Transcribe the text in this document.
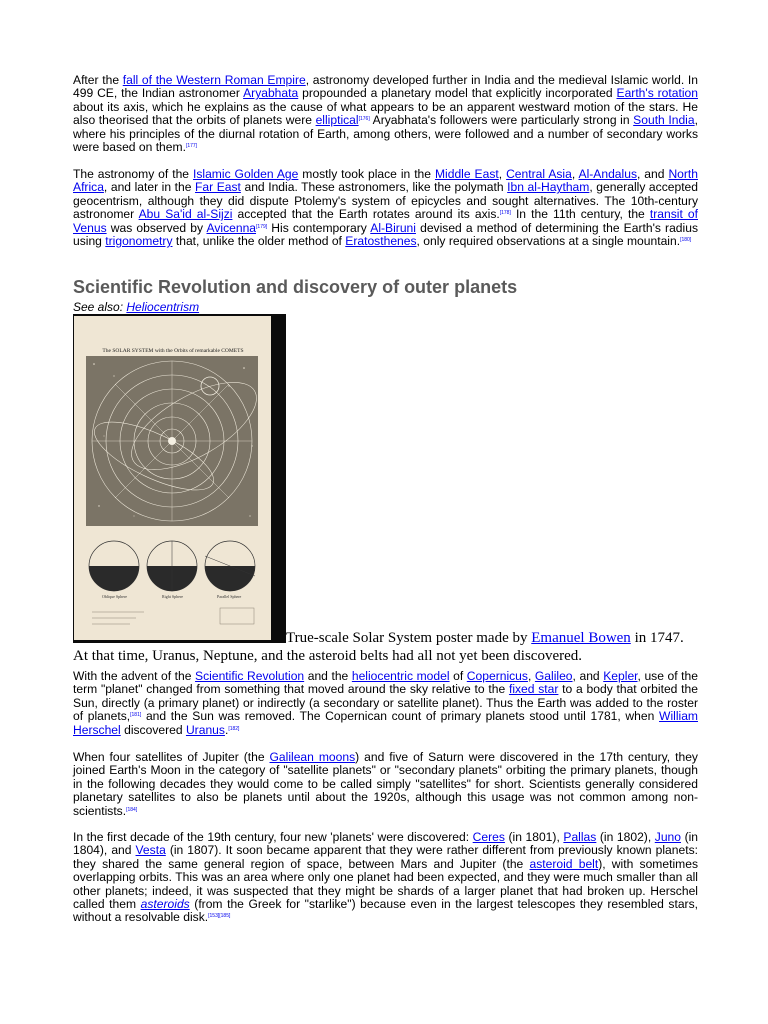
After the fall of the Western Roman Empire, astronomy developed further in India and the medieval Islamic world. In 499 CE, the Indian astronomer Aryabhata propounded a planetary model that explicitly incorporated Earth's rotation about its axis, which he explains as the cause of what appears to be an apparent westward motion of the stars. He also theorised that the orbits of planets were elliptical[176] Aryabhata's followers were particularly strong in South India, where his principles of the diurnal rotation of Earth, among others, were followed and a number of secondary works were based on them.[177]

The astronomy of the Islamic Golden Age mostly took place in the Middle East, Central Asia, Al-Andalus, and North Africa, and later in the Far East and India. These astronomers, like the polymath Ibn al-Haytham, generally accepted geocentrism, although they did dispute Ptolemy's system of epicycles and sought alternatives. The 10th-century astronomer Abu Sa'id al-Sijzi accepted that the Earth rotates around its axis.[178] In the 11th century, the transit of Venus was observed by Avicenna[179] His contemporary Al-Biruni devised a method of determining the Earth's radius using trigonometry that, unlike the older method of Eratosthenes, only required observations at a single mountain.[180]

Scientific Revolution and discovery of outer planets
See also: Heliocentrism
The SOLAR SYSTEM with the Orbits of remarkable COMETS
Oblique Sphere	Right Sphere	Parallel Sphere
True-scale Solar System poster made by Emanuel Bowen in 1747. At that time, Uranus, Neptune, and the asteroid belts had all not yet been discovered.

With the advent of the Scientific Revolution and the heliocentric model of Copernicus, Galileo, and Kepler, use of the term "planet" changed from something that moved around the sky relative to the fixed star to a body that orbited the Sun, directly (a primary planet) or indirectly (a secondary or satellite planet). Thus the Earth was added to the roster of planets,[181] and the Sun was removed. The Copernican count of primary planets stood until 1781, when William Herschel discovered Uranus.[182]

When four satellites of Jupiter (the Galilean moons) and five of Saturn were discovered in the 17th century, they joined Earth's Moon in the category of "satellite planets" or "secondary planets" orbiting the primary planets, though in the following decades they would come to be called simply "satellites" for short. Scientists generally considered planetary satellites to also be planets until about the 1920s, although this usage was not common among non-scientists.[184]

In the first decade of the 19th century, four new 'planets' were discovered: Ceres (in 1801), Pallas (in 1802), Juno (in 1804), and Vesta (in 1807). It soon became apparent that they were rather different from previously known planets: they shared the same general region of space, between Mars and Jupiter (the asteroid belt), with sometimes overlapping orbits. This was an area where only one planet had been expected, and they were much smaller than all other planets; indeed, it was suspected that they might be shards of a larger planet that had broken up. Herschel called them asteroids (from the Greek for "starlike") because even in the largest telescopes they resembled stars, without a resolvable disk.[153][185]
